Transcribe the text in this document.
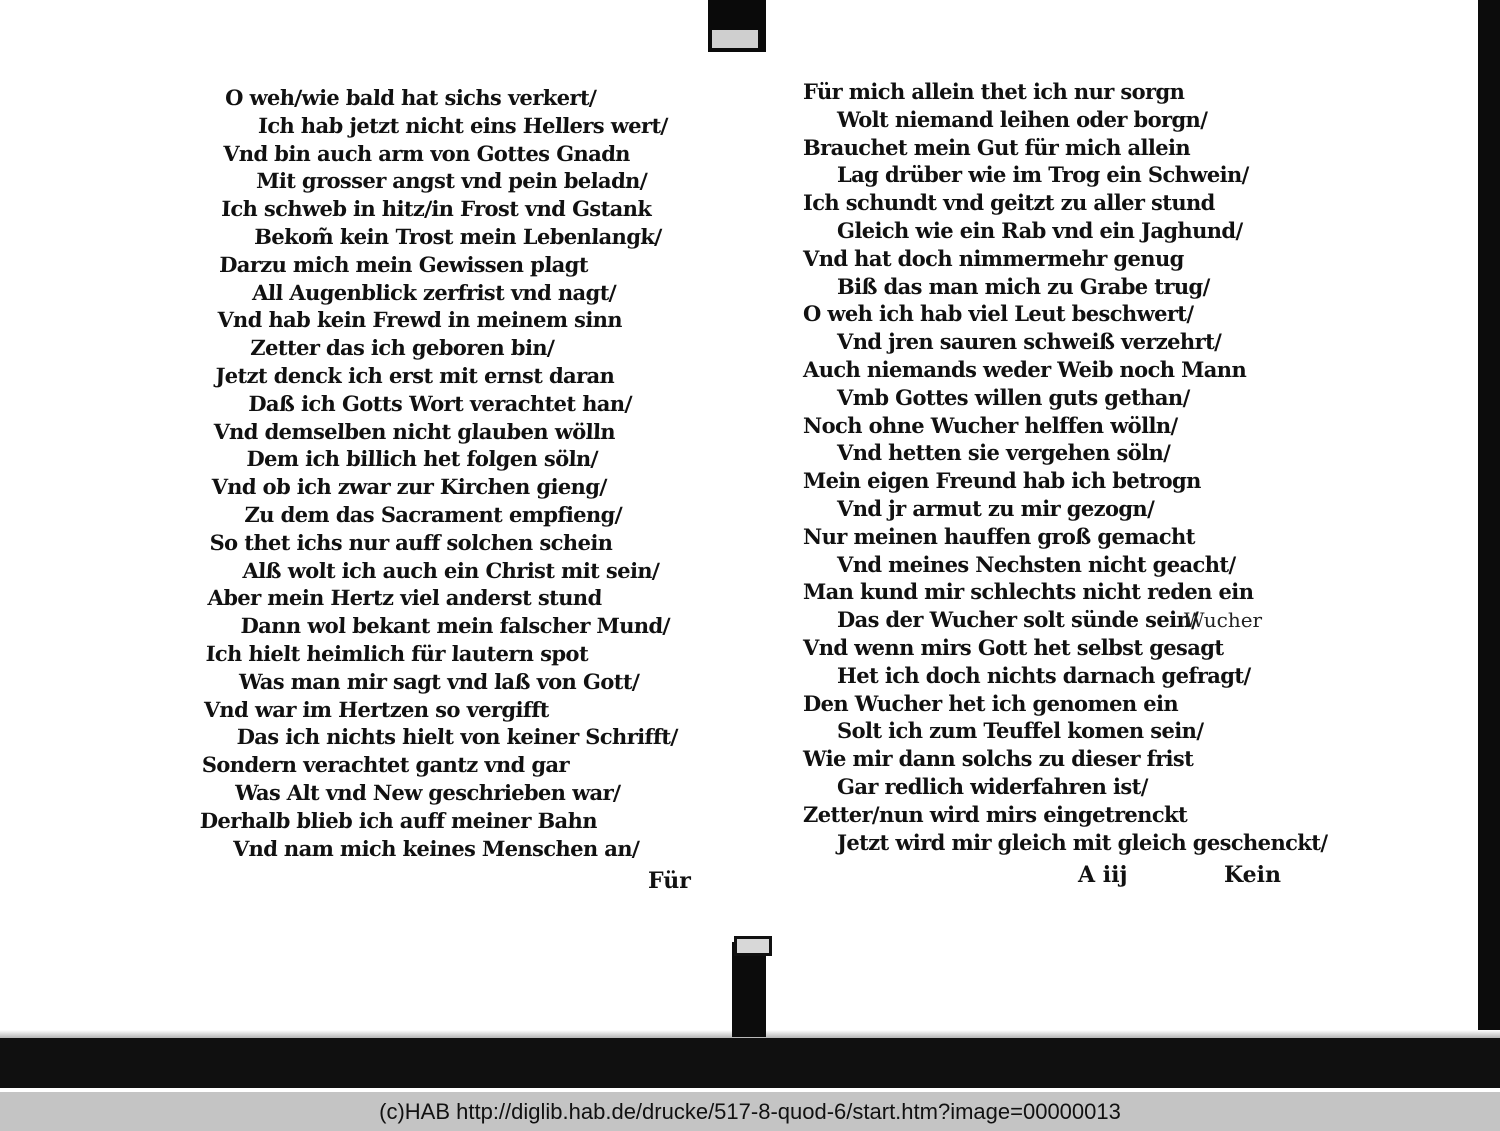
O weh/wie bald hat sichs verkert/
Ich hab jetzt nicht eins Hellers wert/
Vnd bin auch arm von Gottes Gnadn
Mit grosser angst vnd pein beladn/
Ich schweb in hitz/in Frost vnd Gstank
Bekom̃ kein Trost mein Lebenlangk/
Darzu mich mein Gewissen plagt
All Augenblick zerfrist vnd nagt/
Vnd hab kein Frewd in meinem sinn
Zetter das ich geboren bin/
Jetzt denck ich erst mit ernst daran
Daß ich Gotts Wort verachtet han/
Vnd demselben nicht glauben wölln
Dem ich billich het folgen söln/
Vnd ob ich zwar zur Kirchen gieng/
Zu dem das Sacrament empfieng/
So thet ichs nur auff solchen schein
Alß wolt ich auch ein Christ mit sein/
Aber mein Hertz viel anderst stund
Dann wol bekant mein falscher Mund/
Ich hielt heimlich für lautern spot
Was man mir sagt vnd laß von Gott/
Vnd war im Hertzen so vergifft
Das ich nichts hielt von keiner Schrifft/
Sondern verachtet gantz vnd gar
Was Alt vnd New geschrieben war/
Derhalb blieb ich auff meiner Bahn
Vnd nam mich keines Menschen an/
Für
Für mich allein thet ich nur sorgn
Wolt niemand leihen oder borgn/
Brauchet mein Gut für mich allein
Lag drüber wie im Trog ein Schwein/
Ich schundt vnd geitzt zu aller stund
Gleich wie ein Rab vnd ein Jaghund/
Vnd hat doch nimmermehr genug
Biß das man mich zu Grabe trug/
O weh ich hab viel Leut beschwert/
Vnd jren sauren schweiß verzehrt/
Auch niemands weder Weib noch Mann
Vmb Gottes willen guts gethan/
Noch ohne Wucher helffen wölln/
Vnd hetten sie vergehen söln/
Mein eigen Freund hab ich betrogn
Vnd jr armut zu mir gezogn/
Nur meinen hauffen groß gemacht
Vnd meines Nechsten nicht geacht/
Man kund mir schlechts nicht reden ein
Das der Wucher solt sünde sein/
Vnd wenn mirs Gott het selbst gesagt
Het ich doch nichts darnach gefragt/
Den Wucher het ich genomen ein
Solt ich zum Teuffel komen sein/
Wie mir dann solchs zu dieser frist
Gar redlich widerfahren ist/
Zetter/nun wird mirs eingetrenckt
Jetzt wird mir gleich mit gleich geschenckt/
Wucher
A iij	Kein
(c)HAB http://diglib.hab.de/drucke/517-8-quod-6/start.htm?image=00000013
